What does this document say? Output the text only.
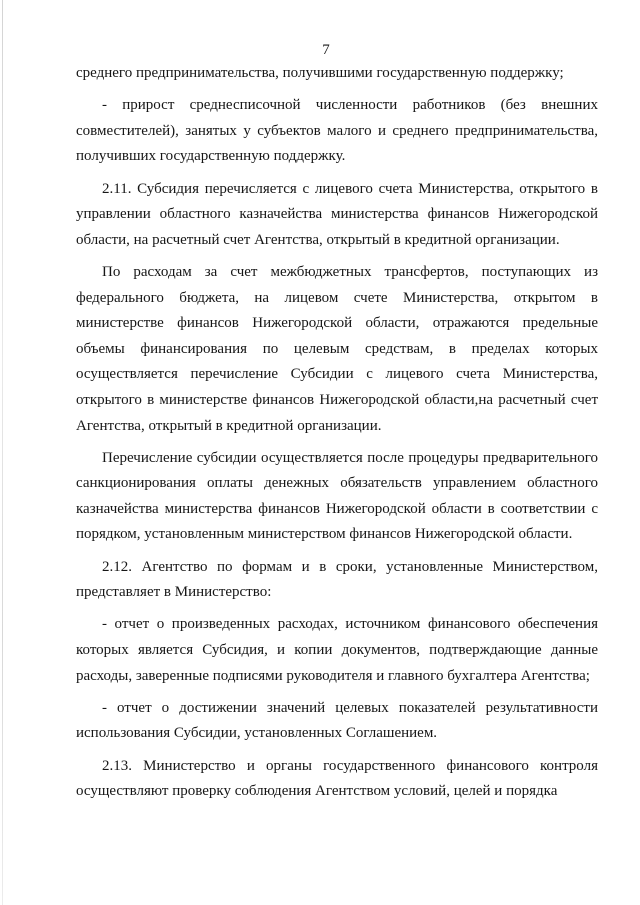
7

среднего предпринимательства, получившими государственную поддержку;

- прирост среднесписочной численности работников (без внешних совместителей), занятых у субъектов малого и среднего предпринимательства, получивших государственную поддержку.

2.11. Субсидия перечисляется с лицевого счета Министерства, открытого в управлении областного казначейства министерства финансов Нижегородской области, на расчетный счет Агентства, открытый в кредитной организации.

По расходам за счет межбюджетных трансфертов, поступающих из федерального бюджета, на лицевом счете Министерства, открытом в министерстве финансов Нижегородской области, отражаются предельные объемы финансирования по целевым средствам, в пределах которых осуществляется перечисление Субсидии с лицевого счета Министерства, открытого в министерстве финансов Нижегородской области,на расчетный счет Агентства, открытый в кредитной организации.

Перечисление субсидии осуществляется после процедуры предварительного санкционирования оплаты денежных обязательств управлением областного казначейства министерства финансов Нижегородской области в соответствии с порядком, установленным министерством финансов Нижегородской области.

2.12. Агентство по формам и в сроки, установленные Министерством, представляет в Министерство:

- отчет о произведенных расходах, источником финансового обеспечения которых является Субсидия, и копии документов, подтверждающие данные расходы, заверенные подписями руководителя и главного бухгалтера Агентства;

- отчет о достижении значений целевых показателей результативности использования Субсидии, установленных Соглашением.

2.13. Министерство и органы государственного финансового контроля осуществляют проверку соблюдения Агентством условий, целей и порядка
